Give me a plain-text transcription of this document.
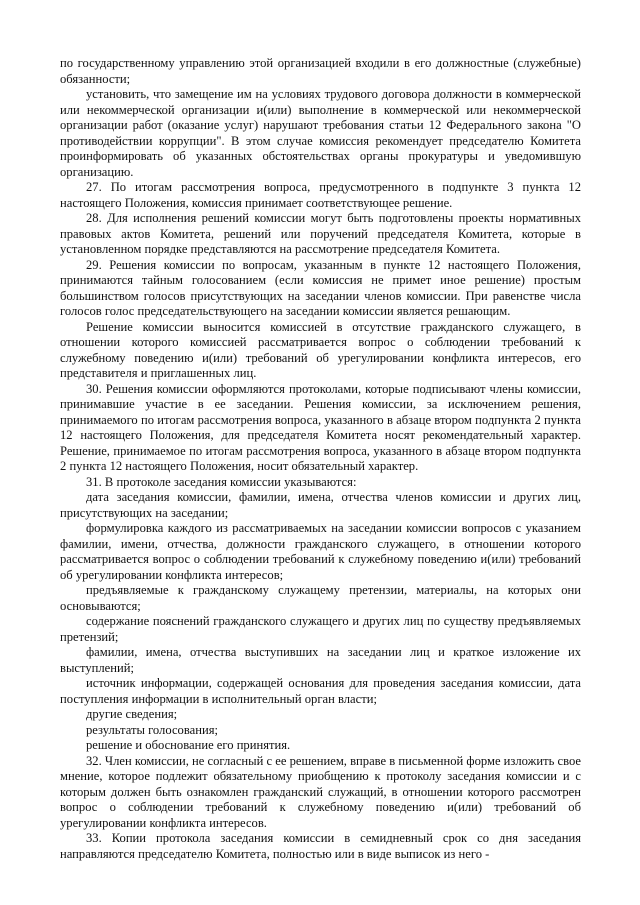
по государственному управлению этой организацией входили в его должностные (служебные) обязанности;

установить, что замещение им на условиях трудового договора должности в коммерческой или некоммерческой организации и(или) выполнение в коммерческой или некоммерческой организации работ (оказание услуг) нарушают требования статьи 12 Федерального закона "О противодействии коррупции". В этом случае комиссия рекомендует председателю Комитета проинформировать об указанных обстоятельствах органы прокуратуры и уведомившую организацию.

27. По итогам рассмотрения вопроса, предусмотренного в подпункте 3 пункта 12 настоящего Положения, комиссия принимает соответствующее решение.

28. Для исполнения решений комиссии могут быть подготовлены проекты нормативных правовых актов Комитета, решений или поручений председателя Комитета, которые в установленном порядке представляются на рассмотрение председателя Комитета.

29. Решения комиссии по вопросам, указанным в пункте 12 настоящего Положения, принимаются тайным голосованием (если комиссия не примет иное решение) простым большинством голосов присутствующих на заседании членов комиссии. При равенстве числа голосов голос председательствующего на заседании комиссии является решающим.

Решение комиссии выносится комиссией в отсутствие гражданского служащего, в отношении которого комиссией рассматривается вопрос о соблюдении требований к служебному поведению и(или) требований об урегулировании конфликта интересов, его представителя и приглашенных лиц.

30. Решения комиссии оформляются протоколами, которые подписывают члены комиссии, принимавшие участие в ее заседании. Решения комиссии, за исключением решения, принимаемого по итогам рассмотрения вопроса, указанного в абзаце втором подпункта 2 пункта 12 настоящего Положения, для председателя Комитета носят рекомендательный характер. Решение, принимаемое по итогам рассмотрения вопроса, указанного в абзаце втором подпункта 2 пункта 12 настоящего Положения, носит обязательный характер.

31. В протоколе заседания комиссии указываются:

дата заседания комиссии, фамилии, имена, отчества членов комиссии и других лиц, присутствующих на заседании;

формулировка каждого из рассматриваемых на заседании комиссии вопросов с указанием фамилии, имени, отчества, должности гражданского служащего, в отношении которого рассматривается вопрос о соблюдении требований к служебному поведению и(или) требований об урегулировании конфликта интересов;

предъявляемые к гражданскому служащему претензии, материалы, на которых они основываются;

содержание пояснений гражданского служащего и других лиц по существу предъявляемых претензий;

фамилии, имена, отчества выступивших на заседании лиц и краткое изложение их выступлений;

источник информации, содержащей основания для проведения заседания комиссии, дата поступления информации в исполнительный орган власти;

другие сведения;

результаты голосования;

решение и обоснование его принятия.

32. Член комиссии, не согласный с ее решением, вправе в письменной форме изложить свое мнение, которое подлежит обязательному приобщению к протоколу заседания комиссии и с которым должен быть ознакомлен гражданский служащий, в отношении которого рассмотрен вопрос о соблюдении требований к служебному поведению и(или) требований об урегулировании конфликта интересов.

33. Копии протокола заседания комиссии в семидневный срок со дня заседания направляются председателю Комитета, полностью или в виде выписок из него -
